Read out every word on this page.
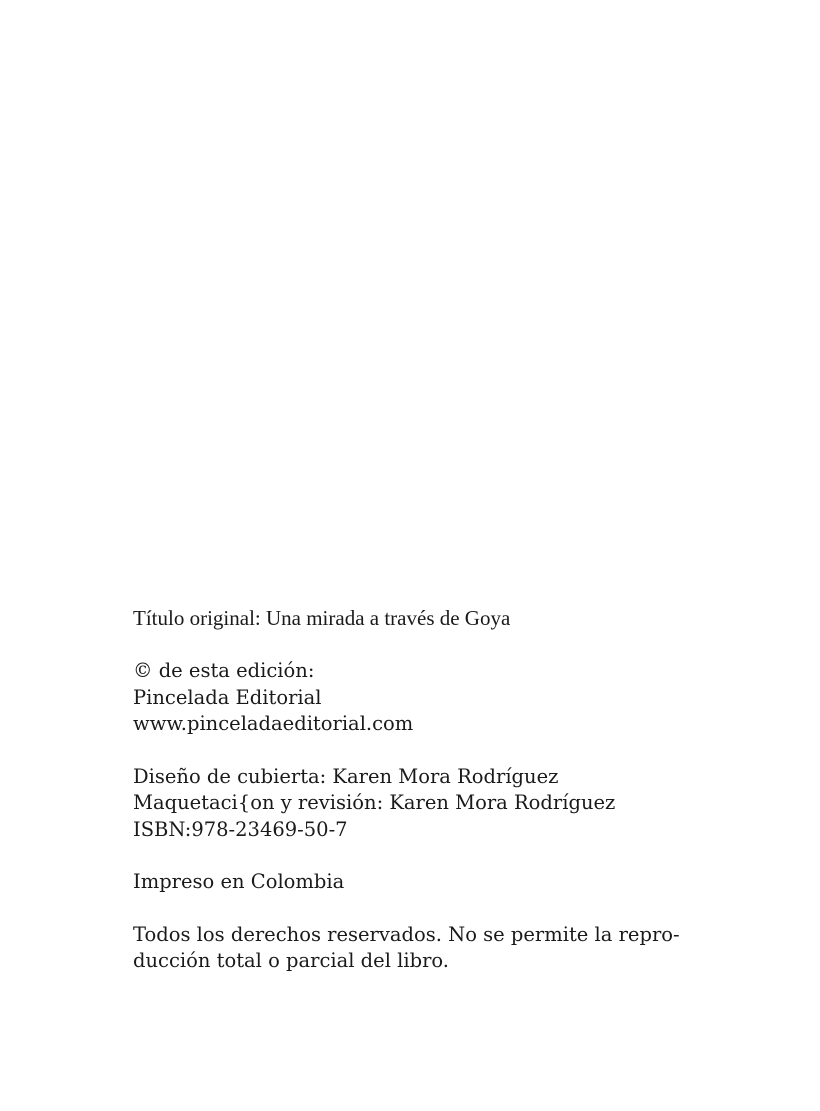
Título original: Una mirada a través de Goya

© de esta edición:

Pincelada Editorial

www.pinceladaeditorial.com

Diseño de cubierta: Karen Mora Rodríguez

Maquetaci{on y revisión: Karen Mora Rodríguez

ISBN:978-23469-50-7

Impreso en Colombia

Todos los derechos reservados. No se permite la repro-

ducción total o parcial del libro.
